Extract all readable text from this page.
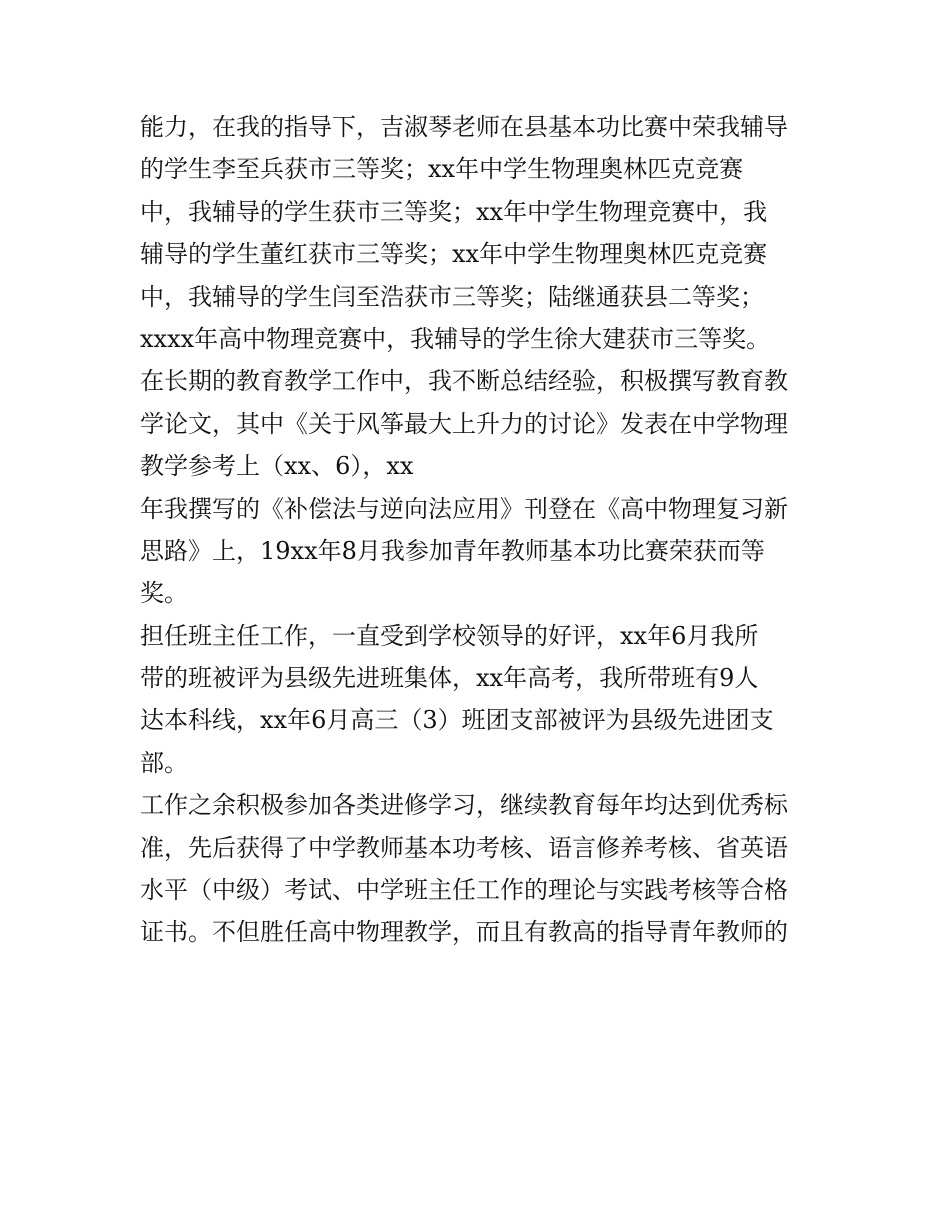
能力，在我的指导下，吉淑琴老师在县基本功比赛中荣我辅导
的学生李至兵获市三等奖；xx年中学生物理奥林匹克竞赛
中，我辅导的学生获市三等奖；xx年中学生物理竞赛中，我
辅导的学生董红获市三等奖；xx年中学生物理奥林匹克竞赛
中，我辅导的学生闫至浩获市三等奖；陆继通获县二等奖；
xxxx年高中物理竞赛中，我辅导的学生徐大建获市三等奖。
在长期的教育教学工作中，我不断总结经验，积极撰写教育教
学论文，其中《关于风筝最大上升力的讨论》发表在中学物理
教学参考上（xx、6），xx
年我撰写的《补偿法与逆向法应用》刊登在《高中物理复习新
思路》上，19xx年8月我参加青年教师基本功比赛荣获而等
奖。
担任班主任工作，一直受到学校领导的好评，xx年6月我所
带的班被评为县级先进班集体，xx年高考，我所带班有9人
达本科线，xx年6月高三（3）班团支部被评为县级先进团支
部。
工作之余积极参加各类进修学习，继续教育每年均达到优秀标
准，先后获得了中学教师基本功考核、语言修养考核、省英语
水平（中级）考试、中学班主任工作的理论与实践考核等合格
证书。不但胜任高中物理教学，而且有教高的指导青年教师的
